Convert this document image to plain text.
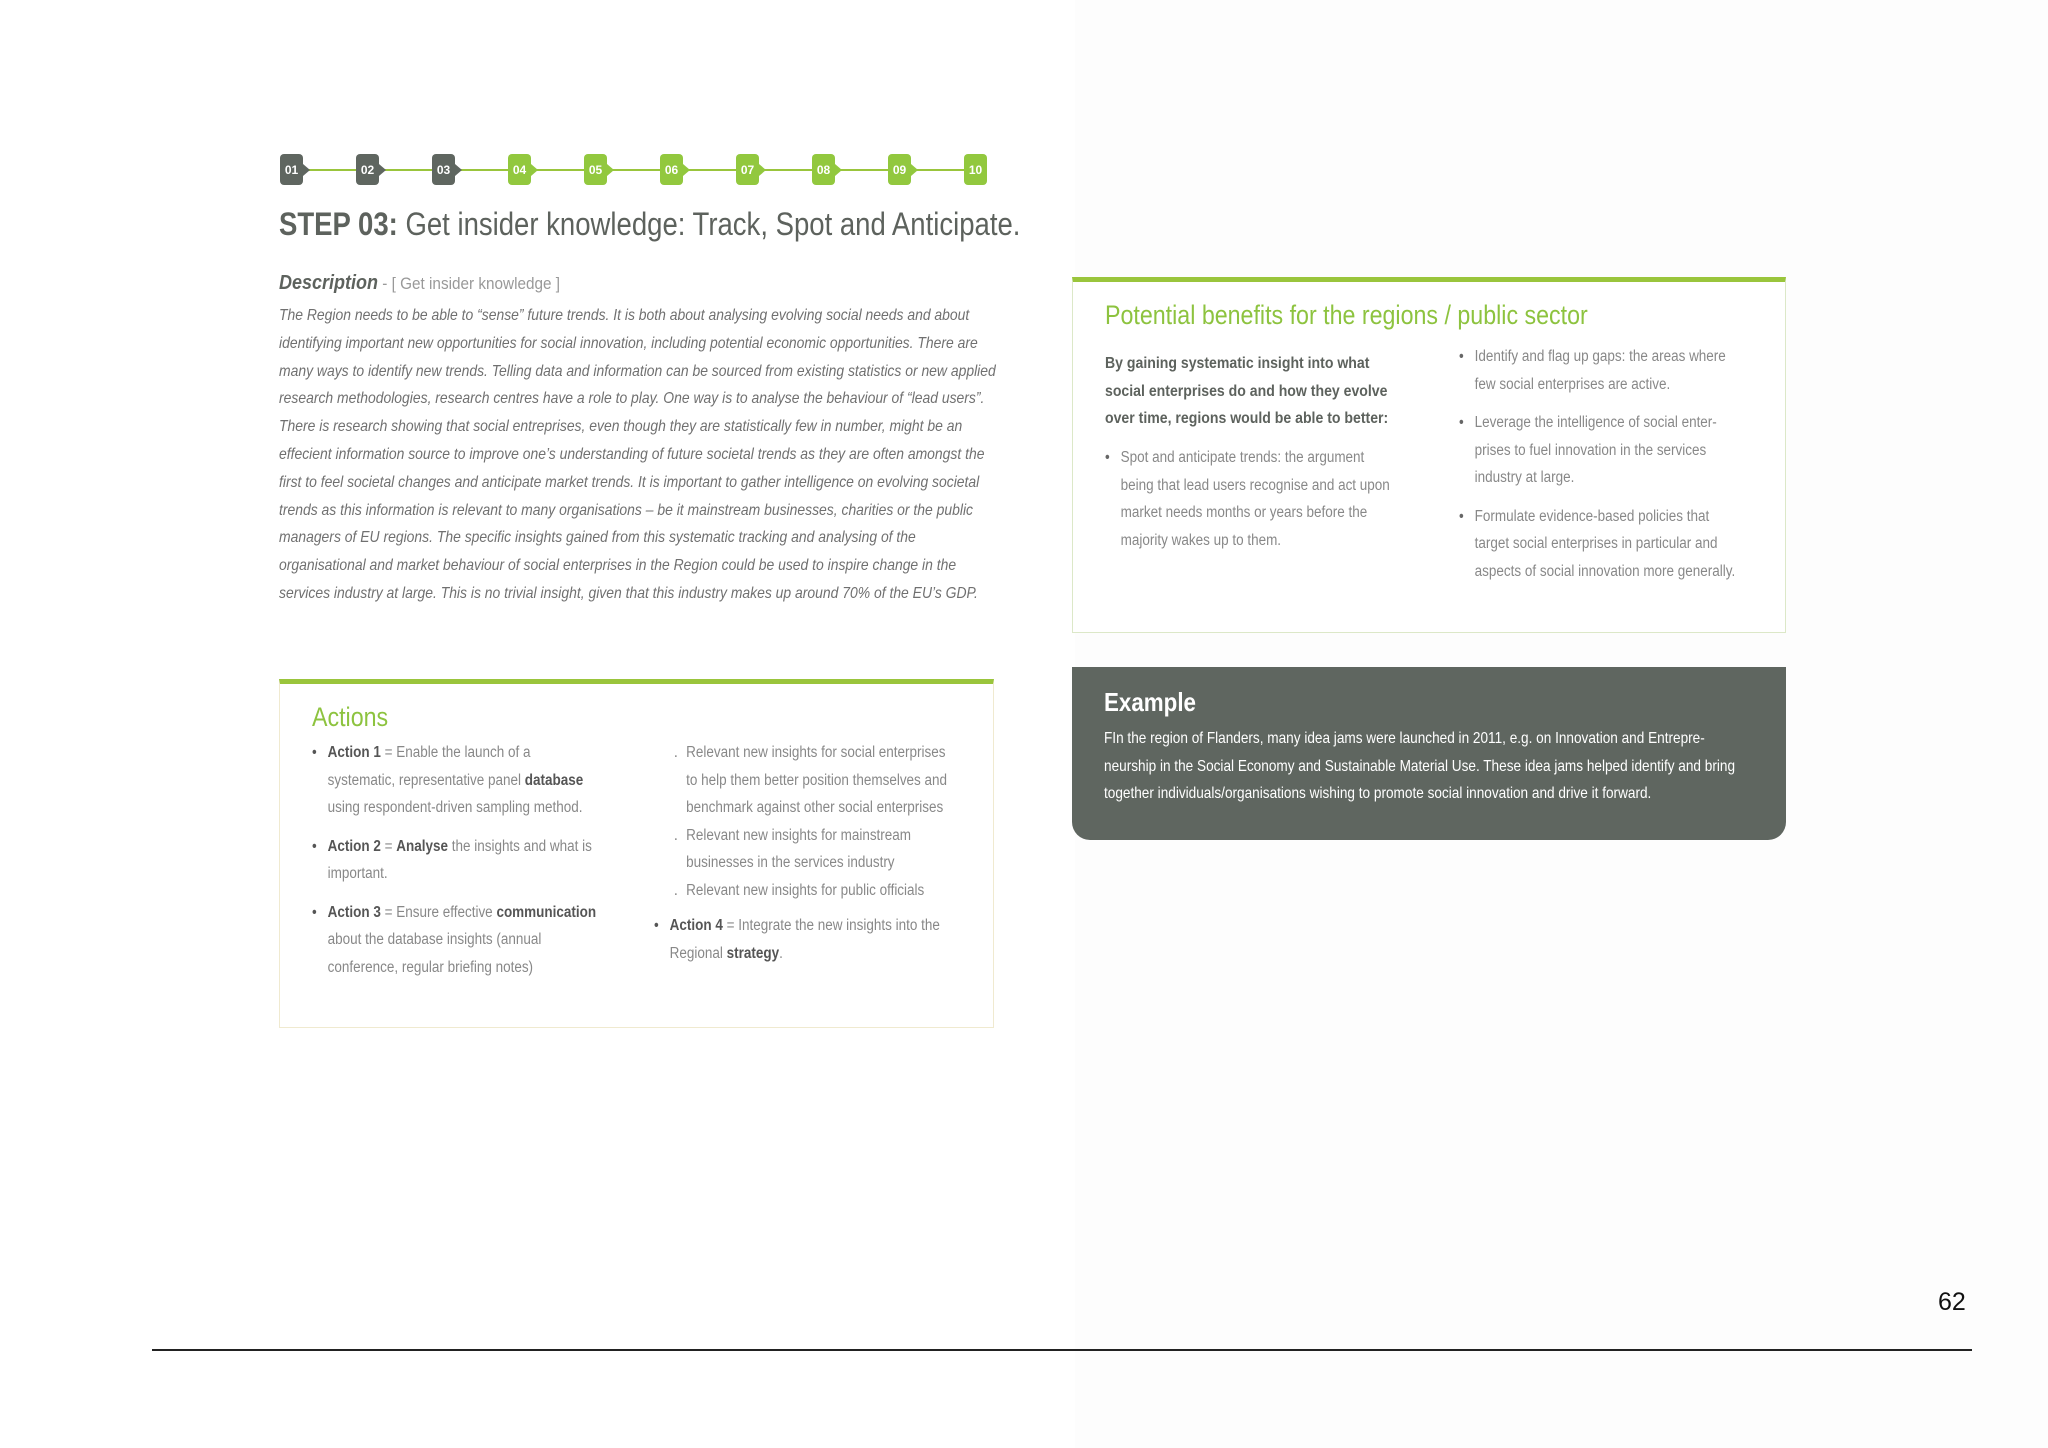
01	02	03	04	05	06	07	08	09	10
STEP 03: Get insider knowledge: Track, Spot and Anticipate.
Description - [ Get insider knowledge ]

The Region needs to be able to “sense” future trends. It is both about analysing evolving social needs and about identifying important new opportunities for social innovation, including potential economic opportunities. There are many ways to identify new trends. Telling data and information can be sourced from existing statistics or new applied research methodologies, research centres have a role to play. One way is to analyse the behaviour of “lead users”. There is research showing that social entreprises, even though they are statistically few in number, might be an effecient information source to improve one’s understanding of future societal trends as they are often amongst the first to feel societal changes and anticipate market trends. It is important to gather intelligence on evolving societal trends as this information is relevant to many organisations – be it mainstream businesses, charities or the public managers of EU regions. The specific insights gained from this systematic tracking and analysing of the organisational and market behaviour of social enterprises in the Region could be used to inspire change in the services industry at large. This is no trivial insight, given that this industry makes up around 70% of the EU’s GDP.

Potential benefits for the regions / public sector

By gaining systematic insight into what social enterprises do and how they evolve over time, regions would be able to better:

• Spot and anticipate trends: the argument being that lead users recognise and act upon market needs months or years before the majority wakes up to them.
• Identify and flag up gaps: the areas where few social enterprises are active.
• Leverage the intelligence of social enter-prises to fuel innovation in the services industry at large.
• Formulate evidence-based policies that target social enterprises in particular and aspects of social innovation more generally.
Actions
• Action 1 = Enable the launch of a systematic, representative panel database using respondent-driven sampling method.
• Action 2 = Analyse the insights and what is important.
• Action 3 = Ensure effective communication about the database insights (annual conference, regular briefing notes)
. Relevant new insights for social enterprises to help them better position themselves and benchmark against other social enterprises
. Relevant new insights for mainstream businesses in the services industry
. Relevant new insights for public officials
• Action 4 = Integrate the new insights into the Regional strategy.
Example

FIn the region of Flanders, many idea jams were launched in 2011, e.g. on Innovation and Entrepre-neurship in the Social Economy and Sustainable Material Use. These idea jams helped identify and bring together individuals/organisations wishing to promote social innovation and drive it forward.

62
